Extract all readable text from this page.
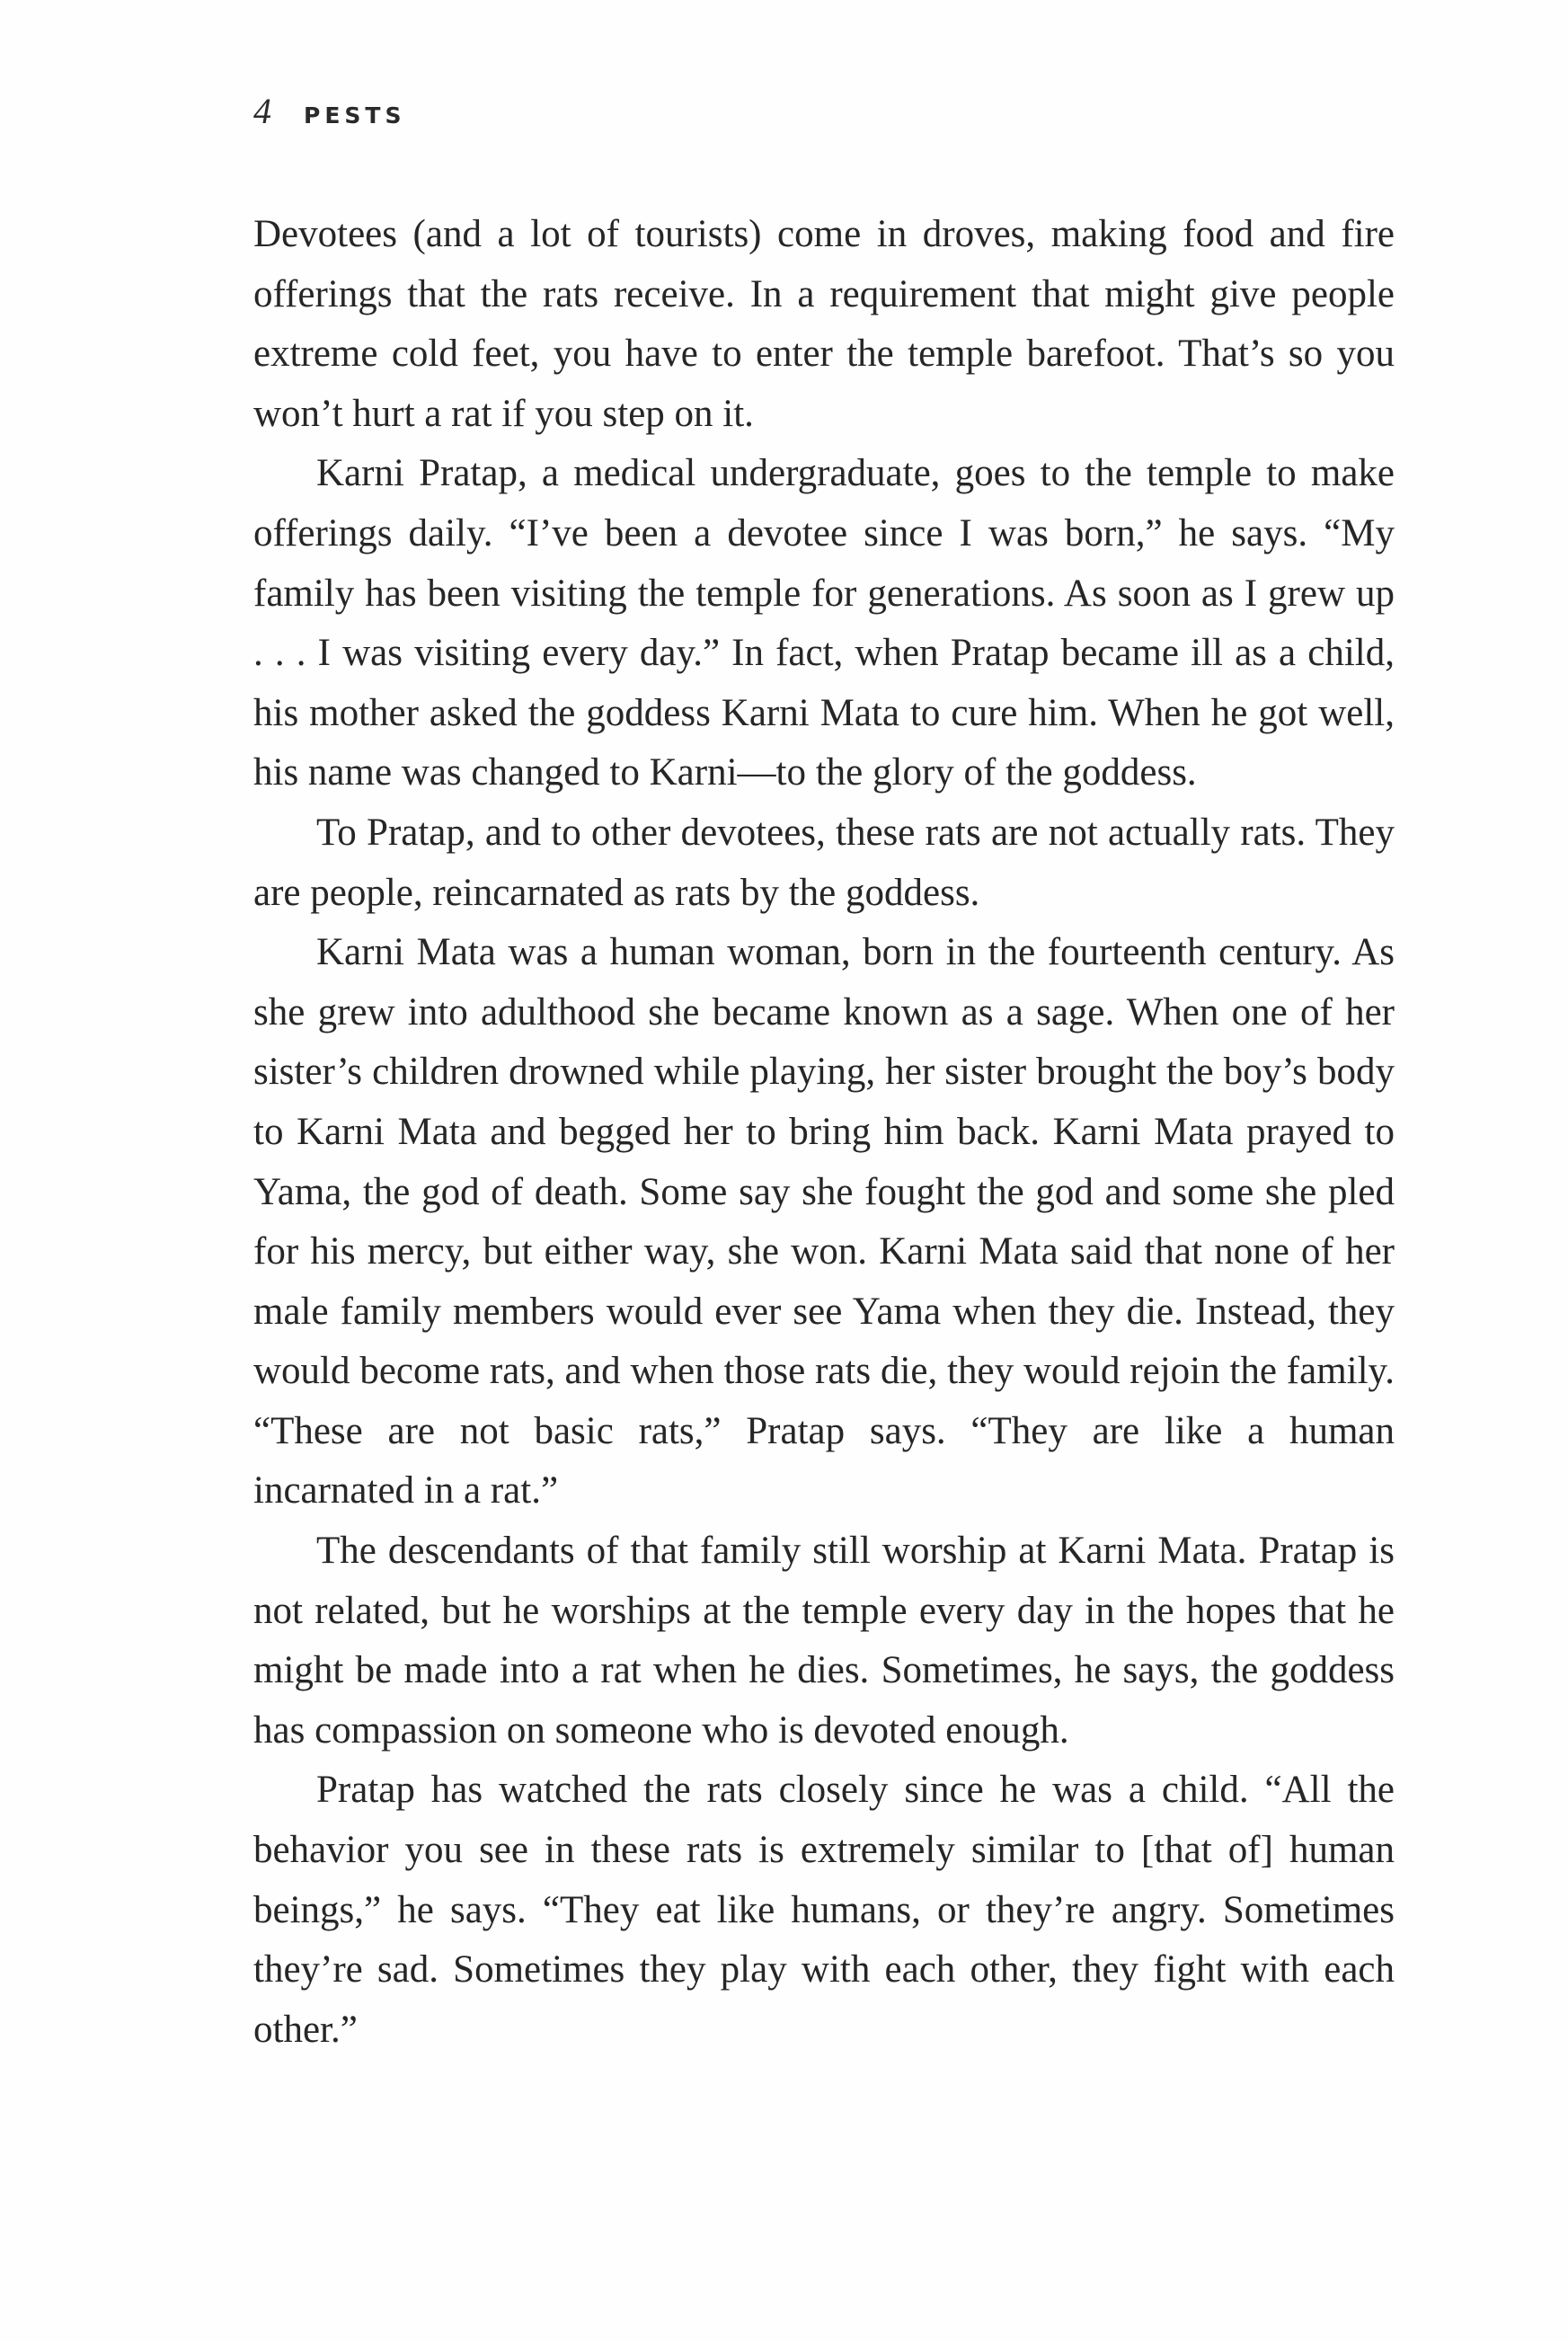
4 PESTS

Devotees (and a lot of tourists) come in droves, making food and fire offerings that the rats receive. In a requirement that might give people extreme cold feet, you have to enter the temple barefoot. That’s so you won’t hurt a rat if you step on it.

Karni Pratap, a medical undergraduate, goes to the temple to make offerings daily. “I’ve been a devotee since I was born,” he says. “My family has been visiting the temple for generations. As soon as I grew up . . . I was visiting every day.” In fact, when Pratap became ill as a child, his mother asked the goddess Karni Mata to cure him. When he got well, his name was changed to Karni—to the glory of the goddess.

To Pratap, and to other devotees, these rats are not actually rats. They are people, reincarnated as rats by the goddess.

Karni Mata was a human woman, born in the fourteenth century. As she grew into adulthood she became known as a sage. When one of her sister’s children drowned while playing, her sister brought the boy’s body to Karni Mata and begged her to bring him back. Karni Mata prayed to Yama, the god of death. Some say she fought the god and some she pled for his mercy, but either way, she won. Karni Mata said that none of her male family members would ever see Yama when they die. Instead, they would become rats, and when those rats die, they would rejoin the family. “These are not basic rats,” Pratap says. “They are like a human incarnated in a rat.”

The descendants of that family still worship at Karni Mata. Pratap is not related, but he worships at the temple every day in the hopes that he might be made into a rat when he dies. Sometimes, he says, the goddess has compassion on someone who is devoted enough.

Pratap has watched the rats closely since he was a child. “All the behavior you see in these rats is extremely similar to [that of] human beings,” he says. “They eat like humans, or they’re angry. Sometimes they’re sad. Sometimes they play with each other, they fight with each other.”
